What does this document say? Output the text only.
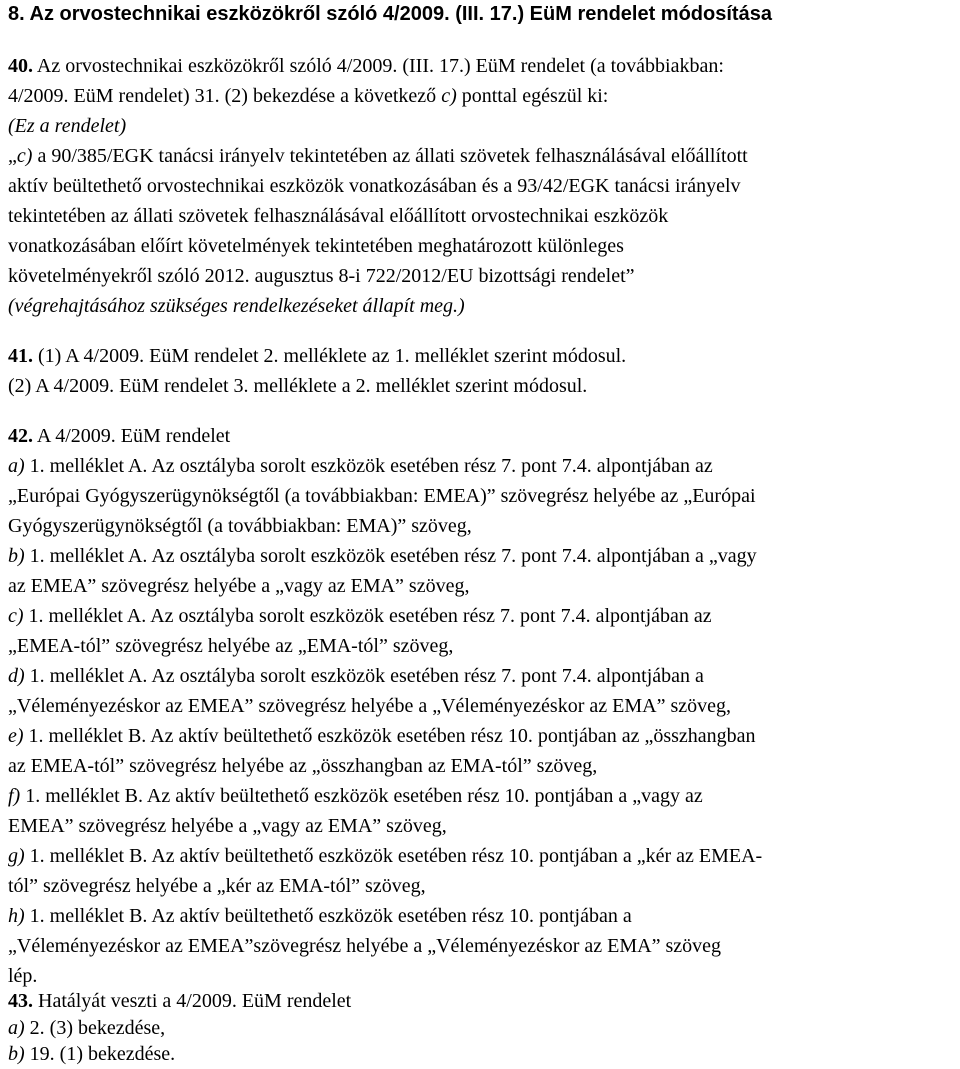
8. Az orvostechnikai eszközökről szóló 4/2009. (III. 17.) EüM rendelet módosítása
40. Az orvostechnikai eszközökről szóló 4/2009. (III. 17.) EüM rendelet (a továbbiakban:
4/2009. EüM rendelet) 31. (2) bekezdése a következő c) ponttal egészül ki:
(Ez a rendelet)
„c) a 90/385/EGK tanácsi irányelv tekintetében az állati szövetek felhasználásával előállított
aktív beültethető orvostechnikai eszközök vonatkozásában és a 93/42/EGK tanácsi irányelv
tekintetében az állati szövetek felhasználásával előállított orvostechnikai eszközök
vonatkozásában előírt követelmények tekintetében meghatározott különleges
követelményekről szóló 2012. augusztus 8-i 722/2012/EU bizottsági rendelet”
(végrehajtásához szükséges rendelkezéseket állapít meg.)
41. (1) A 4/2009. EüM rendelet 2. melléklete az 1. melléklet szerint módosul.
(2) A 4/2009. EüM rendelet 3. melléklete a 2. melléklet szerint módosul.
42. A 4/2009. EüM rendelet
a) 1. melléklet A. Az osztályba sorolt eszközök esetében rész 7. pont 7.4. alpontjában az
„Európai Gyógyszerügynökségtől (a továbbiakban: EMEA)” szövegrész helyébe az „Európai
Gyógyszerügynökségtől (a továbbiakban: EMA)” szöveg,
b) 1. melléklet A. Az osztályba sorolt eszközök esetében rész 7. pont 7.4. alpontjában a „vagy
az EMEA” szövegrész helyébe a „vagy az EMA” szöveg,
c) 1. melléklet A. Az osztályba sorolt eszközök esetében rész 7. pont 7.4. alpontjában az
„EMEA-tól” szövegrész helyébe az „EMA-tól” szöveg,
d) 1. melléklet A. Az osztályba sorolt eszközök esetében rész 7. pont 7.4. alpontjában a
„Véleményezéskor az EMEA” szövegrész helyébe a „Véleményezéskor az EMA” szöveg,
e) 1. melléklet B. Az aktív beültethető eszközök esetében rész 10. pontjában az „összhangban
az EMEA-tól” szövegrész helyébe az „összhangban az EMA-tól” szöveg,
f) 1. melléklet B. Az aktív beültethető eszközök esetében rész 10. pontjában a „vagy az
EMEA” szövegrész helyébe a „vagy az EMA” szöveg,
g) 1. melléklet B. Az aktív beültethető eszközök esetében rész 10. pontjában a „kér az EMEA-
tól” szövegrész helyébe a „kér az EMA-tól” szöveg,
h) 1. melléklet B. Az aktív beültethető eszközök esetében rész 10. pontjában a
„Véleményezéskor az EMEA”szövegrész helyébe a „Véleményezéskor az EMA” szöveg
lép.
43. Hatályát veszti a 4/2009. EüM rendelet
a) 2. (3) bekezdése,
b) 19. (1) bekezdése.
